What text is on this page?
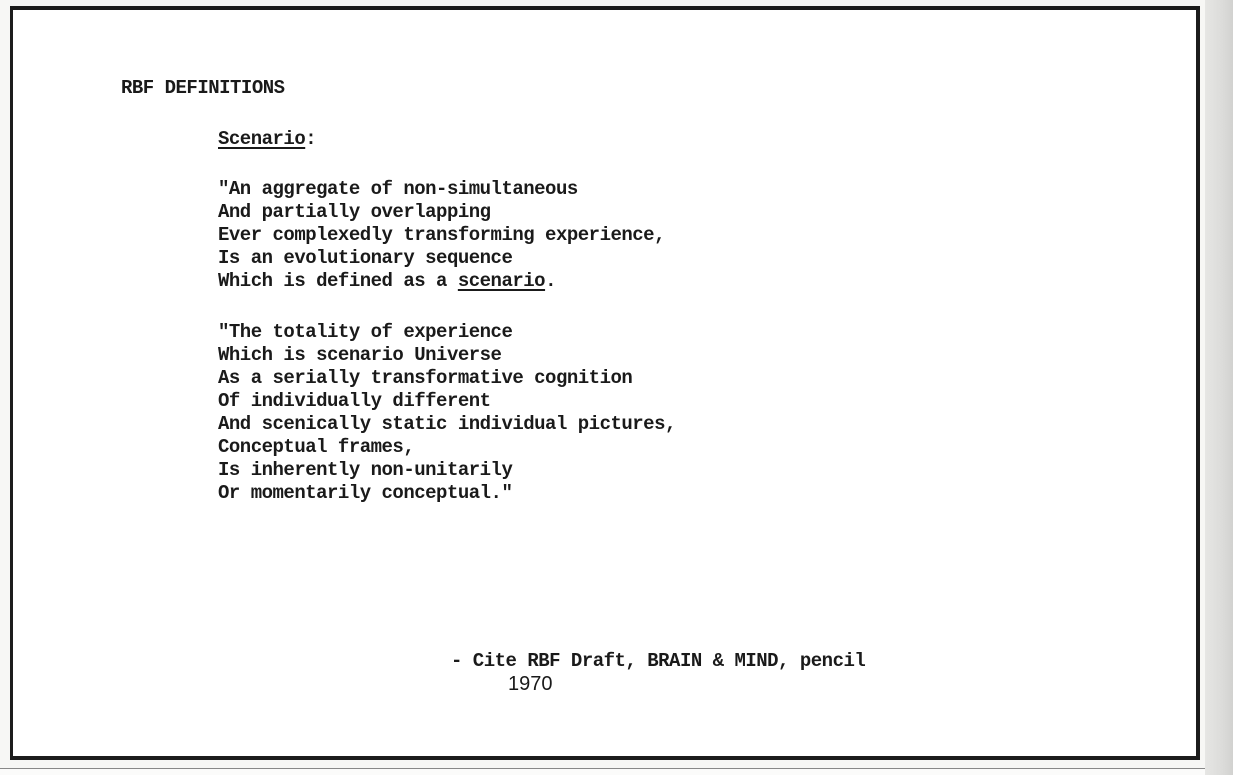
RBF DEFINITIONS
Scenario:
"An aggregate of non-simultaneous
And partially overlapping
Ever complexedly transforming experience,
Is an evolutionary sequence
Which is defined as a scenario.
"The totality of experience
Which is scenario Universe
As a serially transformative cognition
Of individually different
And scenically static individual pictures,
Conceptual frames,
Is inherently non-unitarily
Or momentarily conceptual."
- Cite RBF Draft, BRAIN & MIND, pencil
1970
